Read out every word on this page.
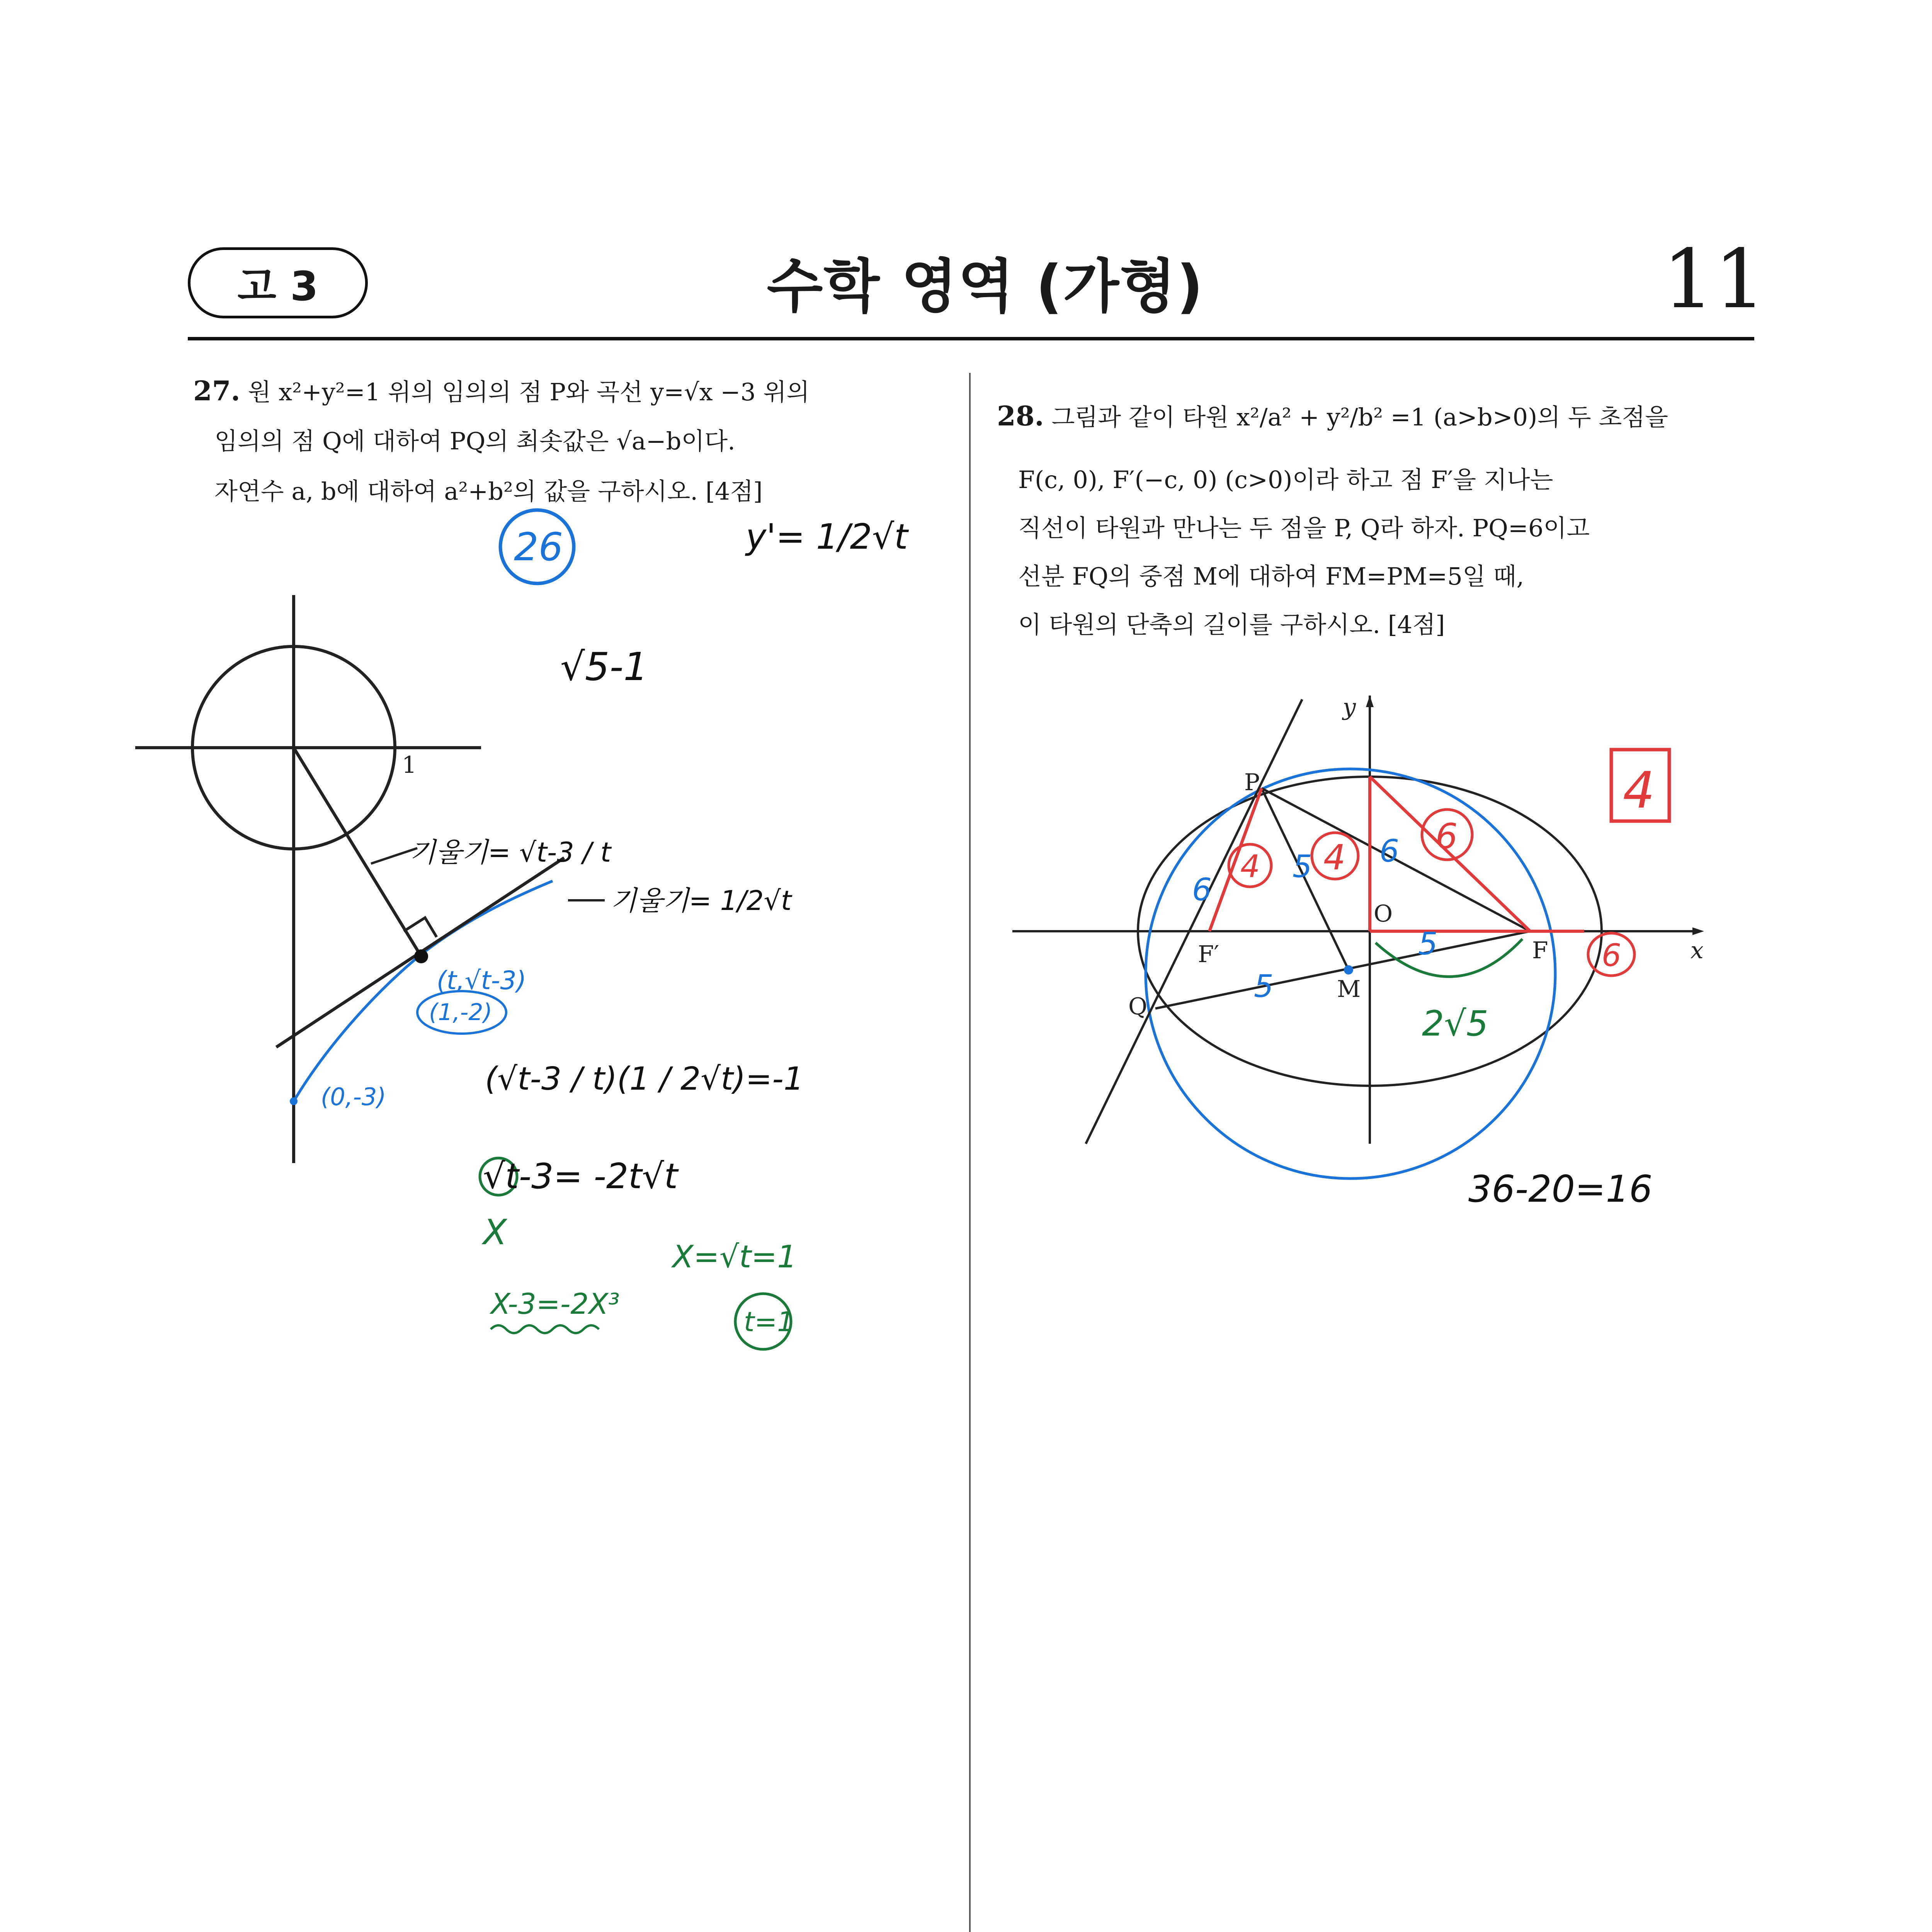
고 3	수학 영역 (가형)	11
27. 원 x²+y²=1 위의 임의의 점 P와 곡선 y=√x −3 위의
임의의 점 Q에 대하여 PQ의 최솟값은 √a−b이다.
자연수 a, b에 대하여 a²+b²의 값을 구하시오. [4점]
1
26	y'= 1/2√t
√5-1
기울기= √t-3 / t
기울기= 1/2√t
(t,√t-3)
(1,-2)
(0,-3)	(√t-3 / t)(1 / 2√t)=-1
√t-3= -2t√t
X
X=√t=1
X-3=-2X³
t=1
28. 그림과 같이 타원 x²/a² + y²/b² =1 (a>b>0)의 두 초점을
F(c, 0), F′(−c, 0) (c>0)이라 하고 점 F′을 지나는
직선이 타원과 만나는 두 점을 P, Q라 하자. PQ=6이고
선분 FQ의 중점 M에 대하여 FM=PM=5일 때,
이 타원의 단축의 길이를 구하시오. [4점]
y
x
P
O
F
F′
Q
M
4
4 4
6
6
6
5
5
5
6
2√5
36-20=16
